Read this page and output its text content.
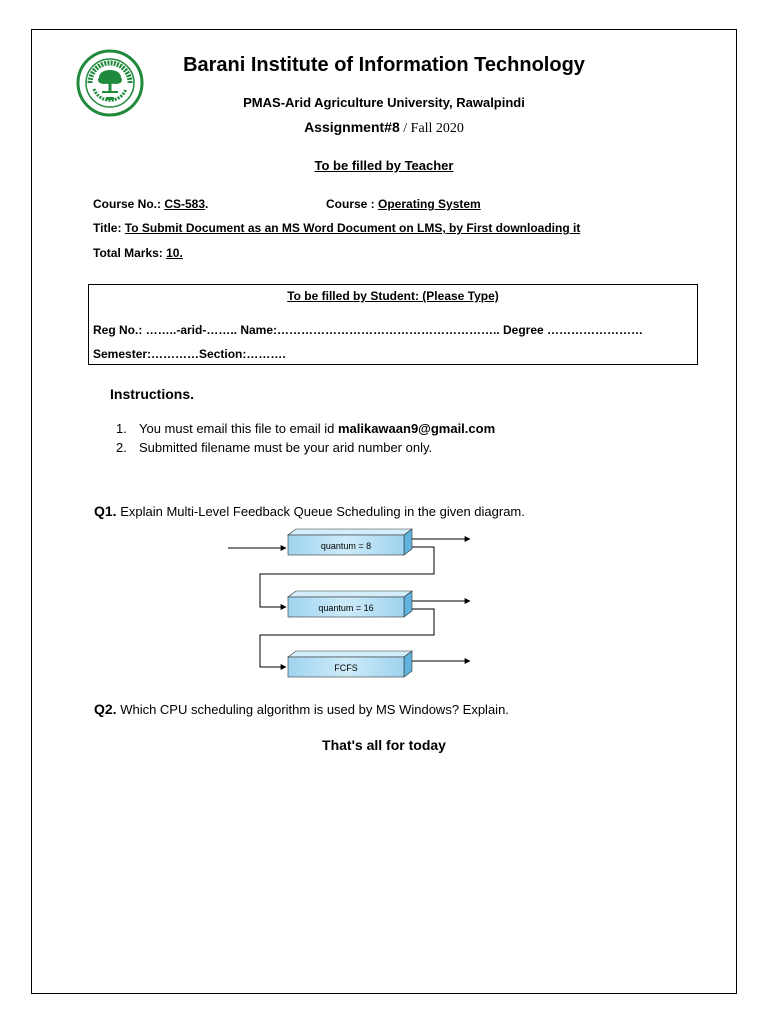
Barani Institute of Information Technology
PMAS-Arid Agriculture University, Rawalpindi
Assignment#8 / Fall 2020
To be filled by Teacher
Course No.: CS-583.	Course : Operating System
Title: To Submit Document as an MS Word Document on LMS, by First downloading it
Total Marks: 10.
To be filled by Student: (Please Type)
Reg No.: ……..-arid-…….. Name:……………………………………………….. Degree ……………………
Semester:…………Section:……….
Instructions.
1. You must email this file to email id malikawaan9@gmail.com
2. Submitted filename must be your arid number only.
Q1. Explain Multi-Level Feedback Queue Scheduling in the given diagram.
quantum = 8
quantum = 16
FCFS
Q2. Which CPU scheduling algorithm is used by MS Windows? Explain.
That's all for today
